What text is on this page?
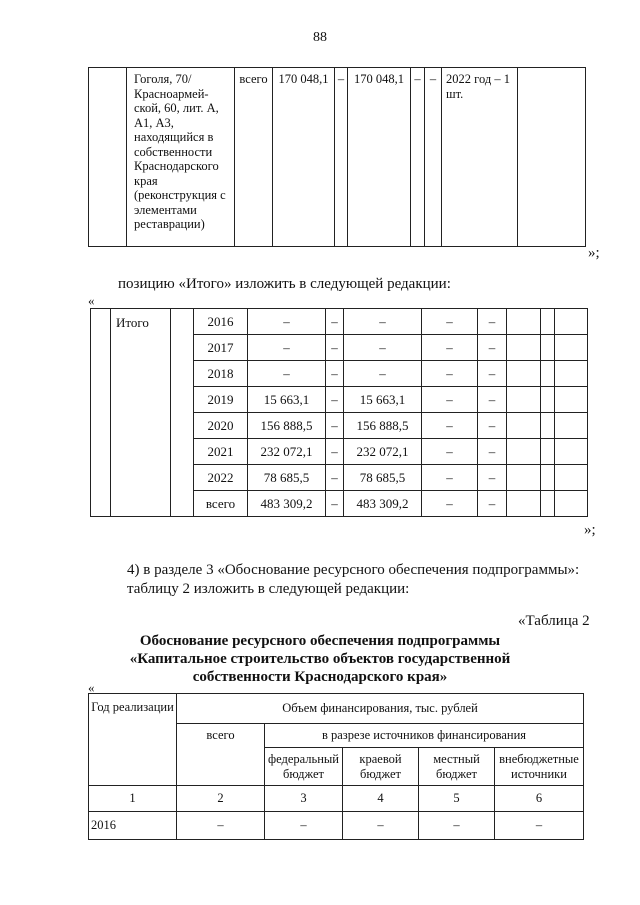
88
	Гоголя, 70/ Красноармей-ской, 60, лит. А, А1, А3, находящийся в собственности Краснодарского края (реконструкция с элементами реставрации)	всего	170 048,1	–	170 048,1	–	–	2022 год – 1 шт.	
»;
позицию «Итого» изложить в следующей редакции:
«
	Итого		2016	–	–	–	–	–			
			2017	–	–	–	–	–			
			2018	–	–	–	–	–			
			2019	15 663,1	–	15 663,1	–	–			
			2020	156 888,5	–	156 888,5	–	–			
			2021	232 072,1	–	232 072,1	–	–			
			2022	78 685,5	–	78 685,5	–	–			
			всего	483 309,2	–	483 309,2	–	–			
»;
4) в разделе 3 «Обоснование ресурсного обеспечения подпрограммы»:
таблицу 2 изложить в следующей редакции:
«Таблица 2
Обоснование ресурсного обеспечения подпрограммы
«Капитальное строительство объектов государственной
собственности Краснодарского края»
«
Год реализации	Объем финансирования, тыс. рублей				
	всего	в разрезе источников финансирования			
		федеральный бюджет	краевой бюджет	местный бюджет	внебюджетные источники
1	2	3	4	5	6
2016	–	–	–	–	–
